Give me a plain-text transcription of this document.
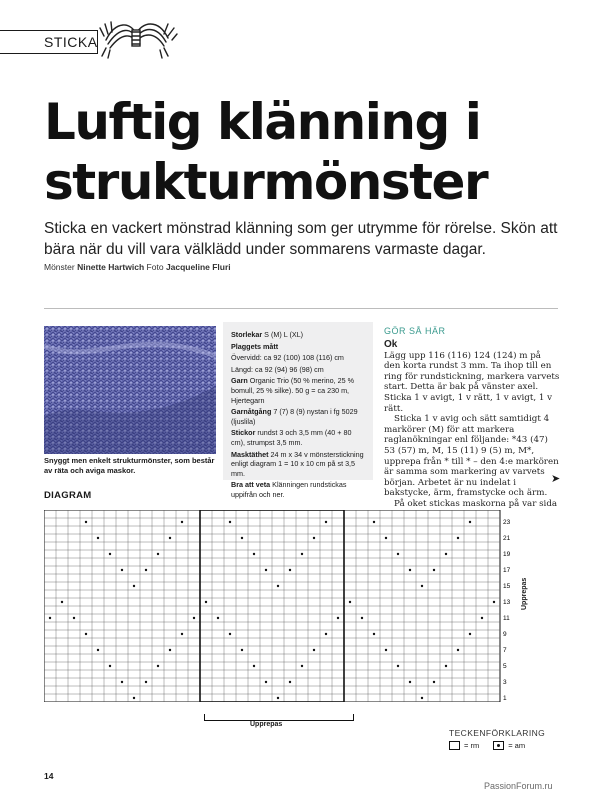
STICKA
Luftig klänning i
strukturmönster
Sticka en vackert mönstrad klänning som ger utrymme för rörelse. Skön att bära när du vill vara välklädd under sommarens varmaste dagar.
Mönster Ninette Hartwich Foto Jacqueline Fluri
Snyggt men enkelt strukturmönster, som består av räta och aviga maskor.
Storlekar S (M) L (XL)
Plaggets mått
Övervidd: ca 92 (100) 108 (116) cm
Längd: ca 92 (94) 96 (98) cm
Garn Organic Trio (50 % merino, 25 % bomull, 25 % silke). 50 g = ca 230 m, Hjertegarn
Garnåtgång 7 (7) 8 (9) nystan i fg 5029 (ljuslila)
Stickor rundst 3 och 3,5 mm (40 + 80 cm), strumpst 3,5 mm.
Masktäthet 24 m x 34 v mönsterstickning enligt diagram 1 = 10 x 10 cm på st 3,5 mm.
Bra att veta Klänningen rundstickas uppifrån och ner.
GÖR SÅ HÄR
Ok
Lägg upp 116 (116) 124 (124) m på den korta rundst 3 mm. Ta ihop till en ring för rundstickning, markera varvets start. Detta är bak på vänster axel. Sticka 1 v avigt, 1 v rätt, 1 v avigt, 1 v rätt.
Sticka 1 v avig och sätt samtidigt 4 markörer (M) för att markera raglanökningar enl följande: *43 (47) 53 (57) m, M, 15 (11) 9 (5) m, M*, upprepa från * till * – den 4:e markören är samma som markering av varvets början. Arbetet är nu indelat i bakstycke, ärm, framstycke och ärm.
På oket stickas maskorna på var sida
➤
DIAGRAM
23
21
19
17
15
13
11
9
7
5
3
1
Upprepas
Upprepas
TECKENFÖRKLARING
= rm	= am
14
PassionForum.ru
